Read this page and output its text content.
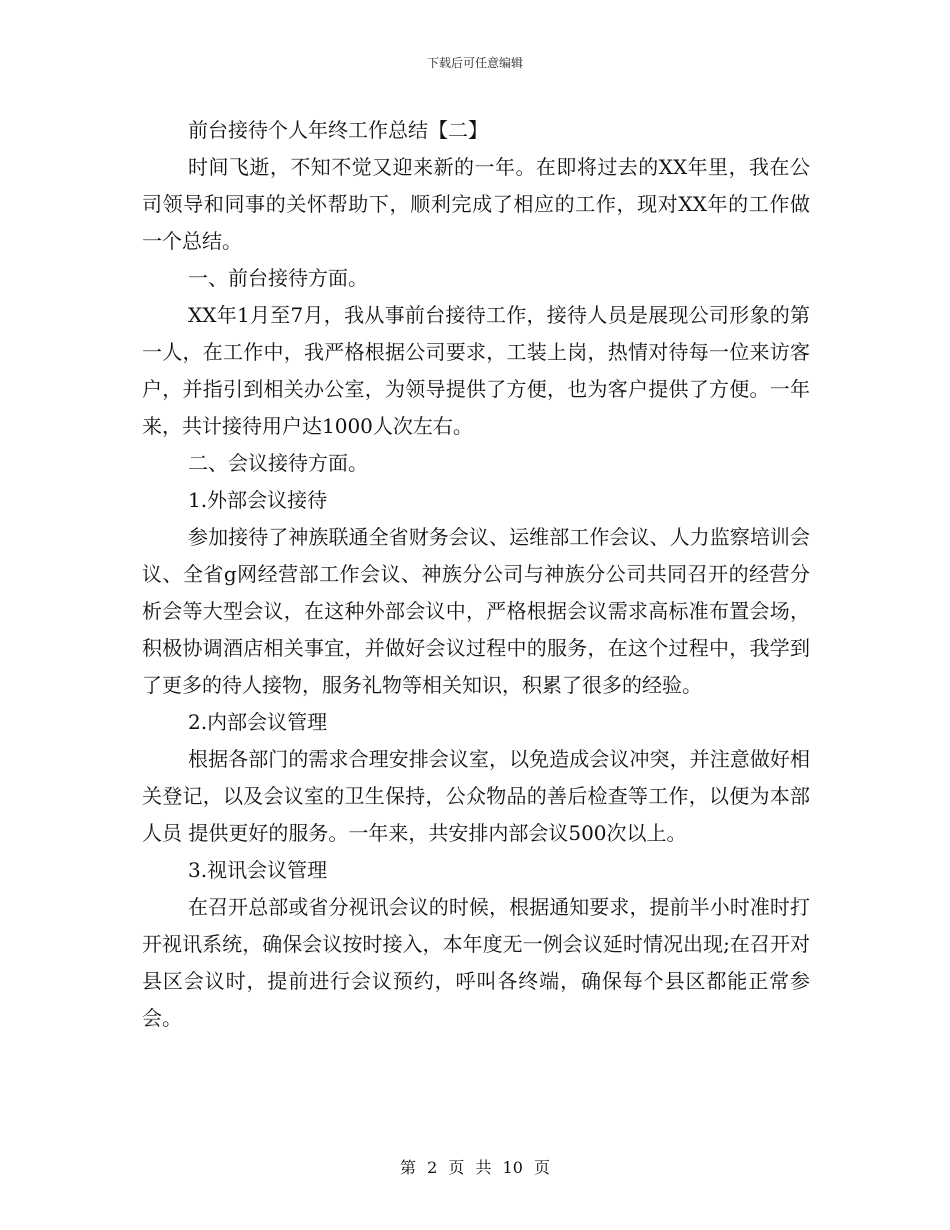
下载后可任意编辑

前台接待个人年终工作总结【二】

时间飞逝，不知不觉又迎来新的一年。在即将过去的XX年里，我在公司领导和同事的关怀帮助下，顺利完成了相应的工作，现对XX年的工作做一个总结。

一、前台接待方面。

XX年1月至7月，我从事前台接待工作，接待人员是展现公司形象的第一人，在工作中，我严格根据公司要求，工装上岗，热情对待每一位来访客户，并指引到相关办公室，为领导提供了方便，也为客户提供了方便。一年来，共计接待用户达1000人次左右。

二、会议接待方面。

1.外部会议接待

参加接待了神族联通全省财务会议、运维部工作会议、人力监察培训会议、全省g网经营部工作会议、神族分公司与神族分公司共同召开的经营分析会等大型会议，在这种外部会议中，严格根据会议需求高标准布置会场，积极协调酒店相关事宜，并做好会议过程中的服务，在这个过程中，我学到了更多的待人接物，服务礼物等相关知识，积累了很多的经验。

2.内部会议管理

根据各部门的需求合理安排会议室，以免造成会议冲突，并注意做好相关登记，以及会议室的卫生保持，公众物品的善后检查等工作，以便为本部人员 提供更好的服务。一年来，共安排内部会议500次以上。

3.视讯会议管理

在召开总部或省分视讯会议的时候，根据通知要求，提前半小时准时打开视讯系统，确保会议按时接入，本年度无一例会议延时情况出现;在召开对县区会议时，提前进行会议预约，呼叫各终端，确保每个县区都能正常参会。

第 2 页 共 10 页
